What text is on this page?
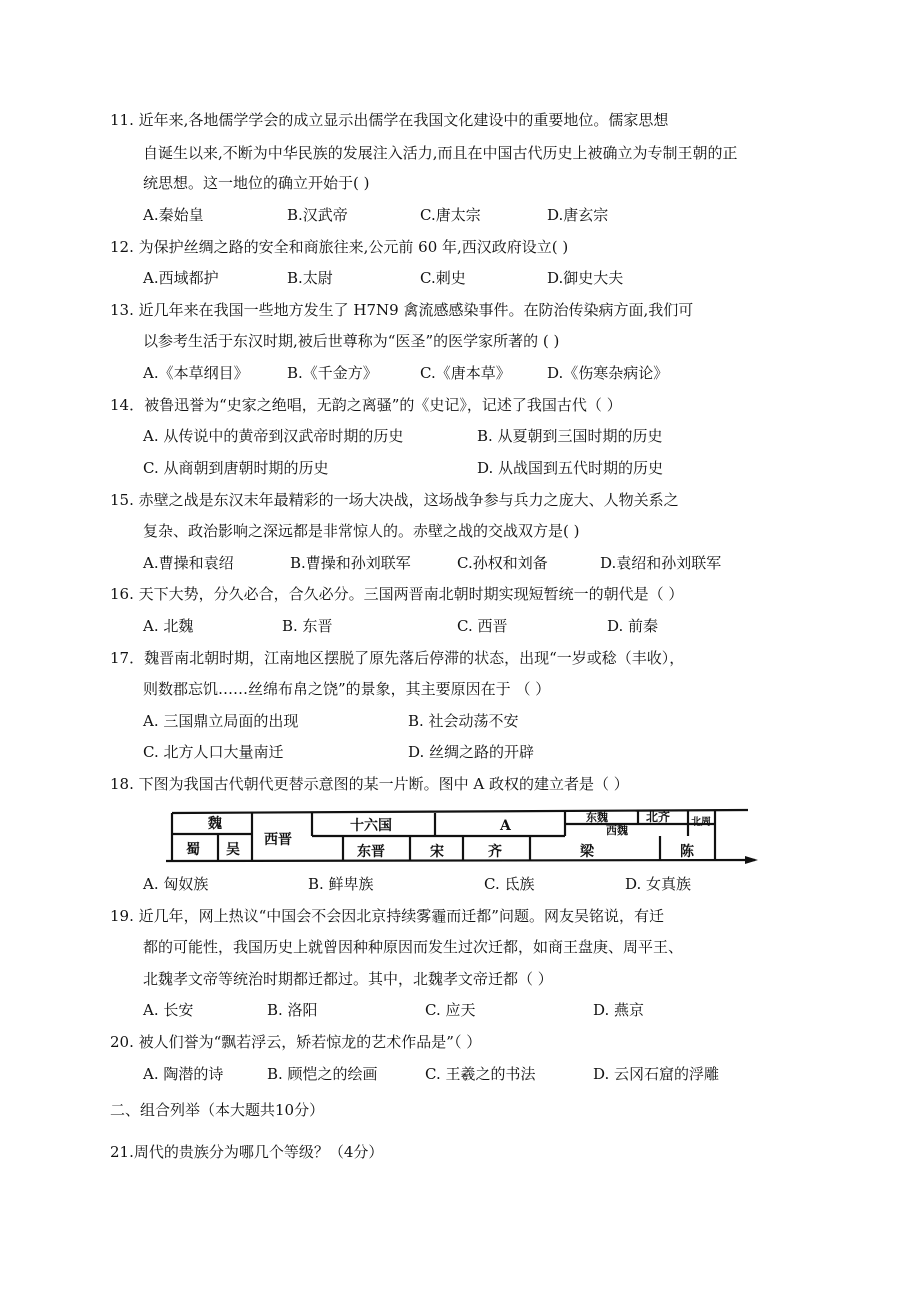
11. 近年来,各地儒学学会的成立显示出儒学在我国文化建设中的重要地位。儒家思想
自诞生以来,不断为中华民族的发展注入活力,而且在中国古代历史上被确立为专制王朝的正
统思想。这一地位的确立开始于( )
A.秦始皇	B.汉武帝	C.唐太宗	D.唐玄宗
12. 为保护丝绸之路的安全和商旅往来,公元前 60 年,西汉政府设立( )
A.西域都护	B.太尉	C.刺史	D.御史大夫
13. 近几年来在我国一些地方发生了 H7N9 禽流感感染事件。在防治传染病方面,我们可
以参考生活于东汉时期,被后世尊称为“医圣”的医学家所著的 ( )
A.《本草纲目》	B.《千金方》	C.《唐本草》 D.《伤寒杂病论》
14．被鲁迅誉为“史家之绝唱，无韵之离骚”的《史记》，记述了我国古代（ ）
A. 从传说中的黄帝到汉武帝时期的历史	B. 从夏朝到三国时期的历史
C. 从商朝到唐朝时期的历史	D. 从战国到五代时期的历史
15. 赤壁之战是东汉末年最精彩的一场大决战，这场战争参与兵力之庞大、人物关系之
复杂、政治影响之深远都是非常惊人的。赤壁之战的交战双方是( )
A.曹操和袁绍	B.曹操和孙刘联军	C.孙权和刘备	D.袁绍和孙刘联军
16. 天下大势，分久必合，合久必分。三国两晋南北朝时期实现短暂统一的朝代是（ ）
A. 北魏	B. 东晋	C. 西晋	D. 前秦
17．魏晋南北朝时期，江南地区摆脱了原先落后停滞的状态，出现“一岁或稔（丰收），
则数郡忘饥……丝绵布帛之饶”的景象，其主要原因在于 （ ）
A. 三国鼎立局面的出现	B. 社会动荡不安
C. 北方人口大量南迁	D. 丝绸之路的开辟
18. 下图为我国古代朝代更替示意图的某一片断。图中 A 政权的建立者是（ ）
魏
蜀 吴
西晋
十六国	A
东魏	北齐
西魏
北周
东晋	宋	齐	梁	陈
A. 匈奴族	B. 鲜卑族	C. 氐族	D. 女真族
19. 近几年，网上热议“中国会不会因北京持续雾霾而迁都”问题。网友吴铭说，有迁
都的可能性，我国历史上就曾因种种原因而发生过次迁都，如商王盘庚、周平王、
北魏孝文帝等统治时期都迁都过。其中，北魏孝文帝迁都（ ）
A. 长安	B. 洛阳	C. 应天	D. 燕京
20. 被人们誉为“飘若浮云，矫若惊龙的艺术作品是”（ ）
A. 陶潜的诗	B. 顾恺之的绘画	C. 王羲之的书法	D. 云冈石窟的浮雕
二、组合列举（本大题共10分）
21.周代的贵族分为哪几个等级？（4分）
